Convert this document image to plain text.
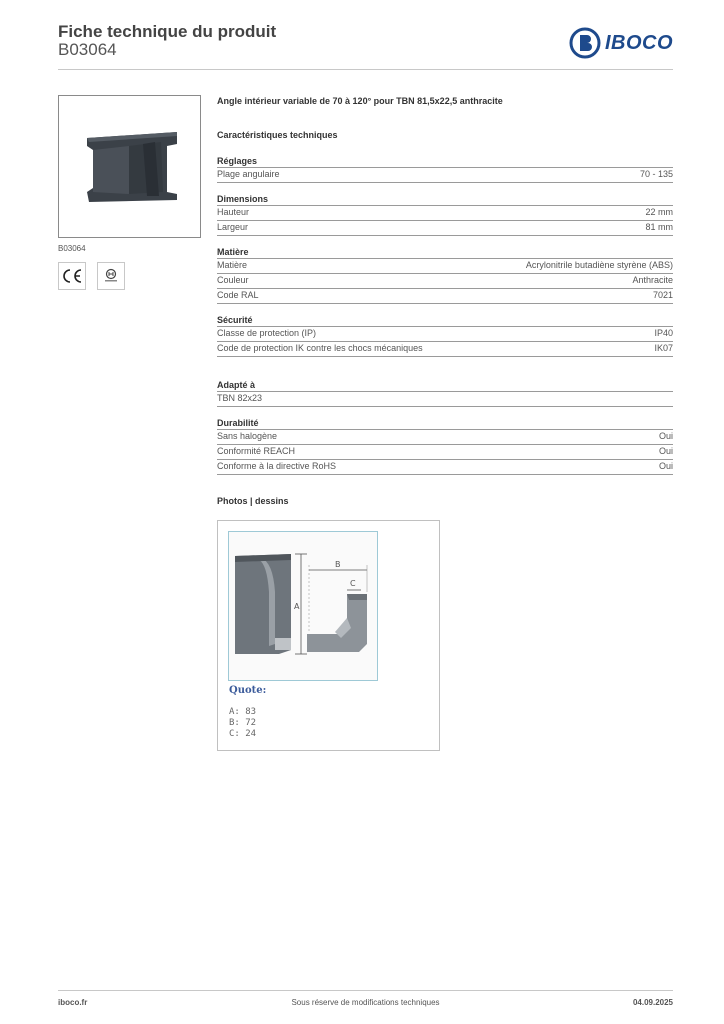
Fiche technique du produit
B03064	IBOCO
B03064
Angle intérieur variable de 70 à 120° pour TBN 81,5x22,5 anthracite
Caractéristiques techniques
Réglages
Plage angulaire	70 - 135
Dimensions
Hauteur	22 mm
Largeur	81 mm
Matière
Matière	Acrylonitrile butadiène styrène (ABS)
Couleur	Anthracite
Code RAL	7021
Sécurité
Classe de protection (IP)	IP40
Code de protection IK contre les chocs mécaniques	IK07
Adapté à
TBN 82x23
Durabilité
Sans halogène	Oui
Conformité REACH	Oui
Conforme à la directive RoHS	Oui
Photos | dessins
A
B
C
Quote:
A: 83
B: 72
C: 24
iboco.fr	Sous réserve de modifications techniques	04.09.2025
